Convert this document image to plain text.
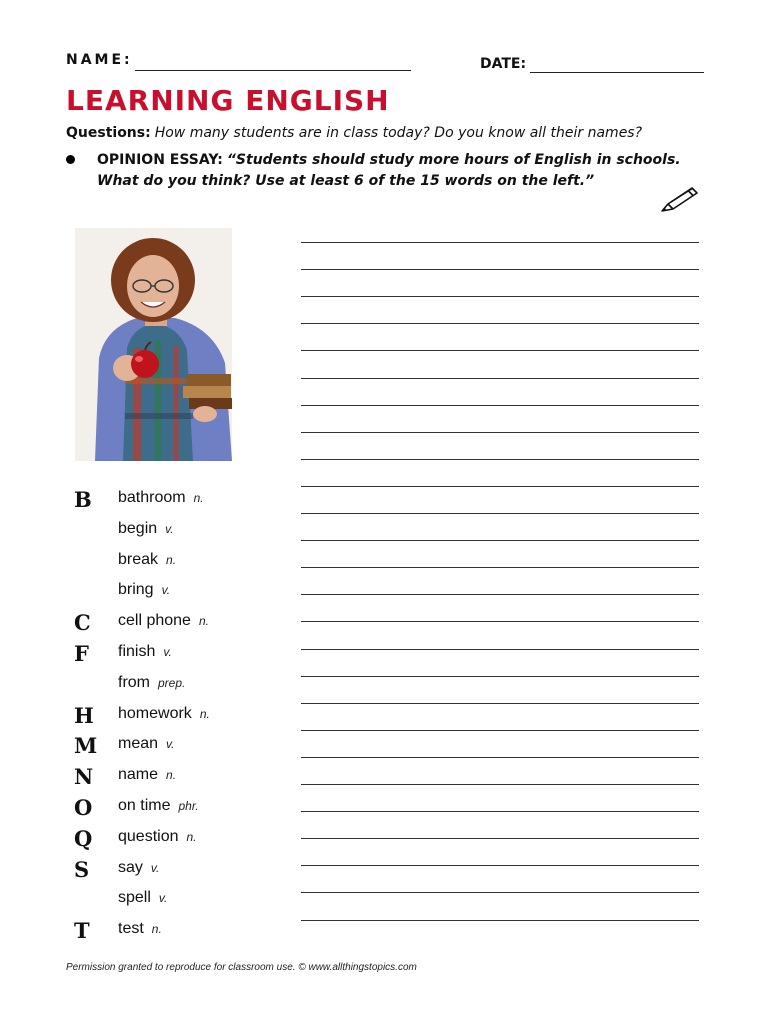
NAME:	DATE:
LEARNING ENGLISH
Questions: How many students are in class today? Do you know all their names?
OPINION ESSAY: “Students should study more hours of English in schools. What do you think? Use at least 6 of the 15 words on the left.”
B	bathroom n.
begin v.
break n.
bring v.
C	cell phone n.
F	finish v.
from prep.
H homework n.
M mean v.
N name n.
O	on time phr.
Q	question n.
S	say v.
spell v.
T	test n.
Permission granted to reproduce for classroom use. © www.allthingstopics.com
